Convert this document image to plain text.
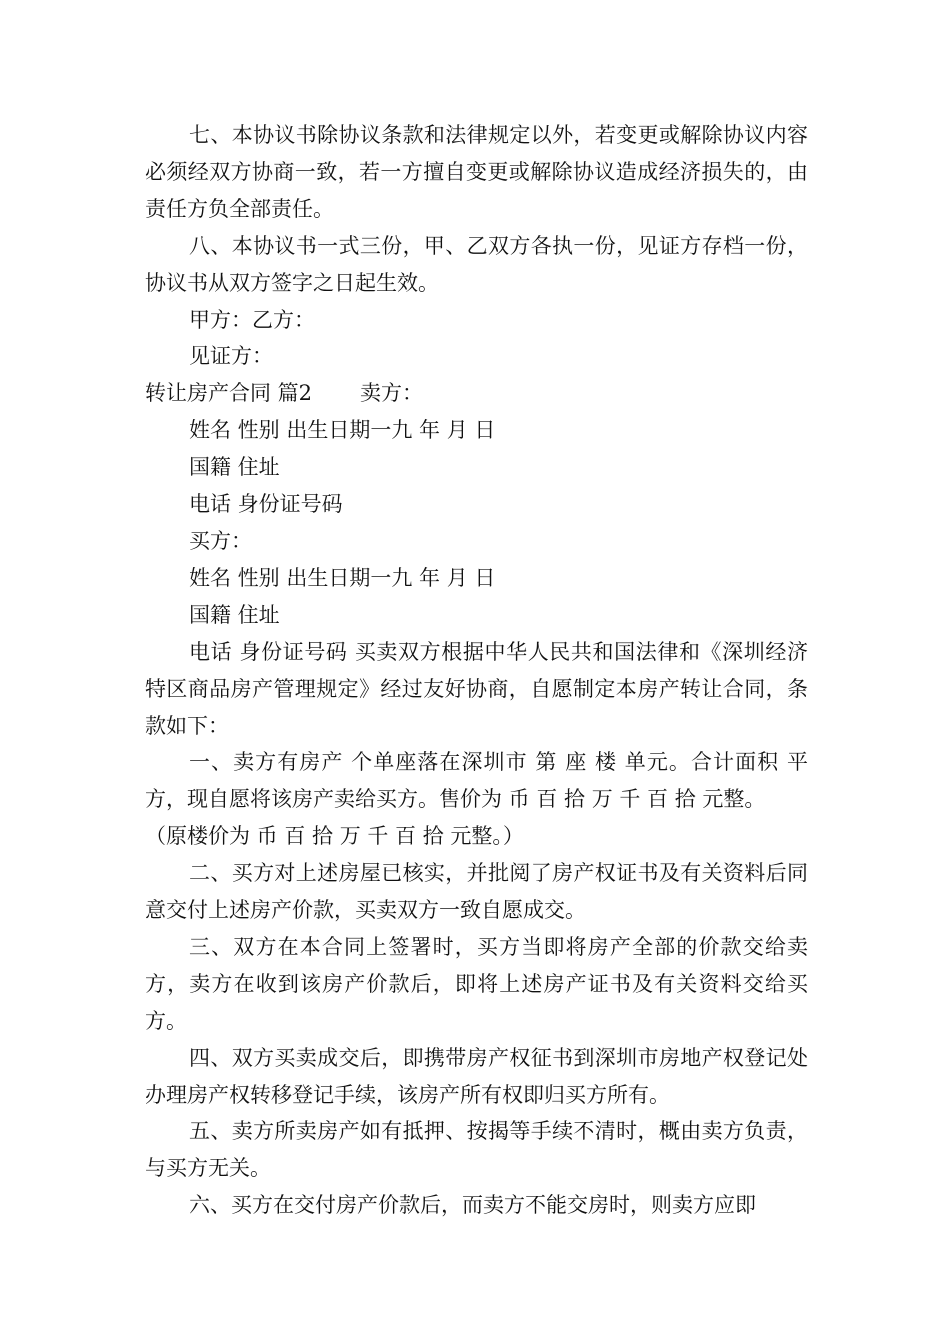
七、本协议书除协议条款和法律规定以外，若变更或解除协议内容必须经双方协商一致，若一方擅自变更或解除协议造成经济损失的，由责任方负全部责任。

八、本协议书一式三份，甲、乙双方各执一份，见证方存档一份，协议书从双方签字之日起生效。

甲方：乙方：

见证方：

转让房产合同 篇2 卖方：

姓名 性别 出生日期一九 年 月 日

国籍 住址

电话 身份证号码

买方：

姓名 性别 出生日期一九 年 月 日

国籍 住址

电话 身份证号码 买卖双方根据中华人民共和国法律和《深圳经济特区商品房产管理规定》经过友好协商，自愿制定本房产转让合同，条款如下：

一、卖方有房产 个单座落在深圳市 第 座 楼 单元。合计面积 平方，现自愿将该房产卖给买方。售价为 币 百 拾 万 千 百 拾 元整。

（原楼价为 币 百 拾 万 千 百 拾 元整。）

二、买方对上述房屋已核实，并批阅了房产权证书及有关资料后同意交付上述房产价款，买卖双方一致自愿成交。

三、双方在本合同上签署时，买方当即将房产全部的价款交给卖方，卖方在收到该房产价款后，即将上述房产证书及有关资料交给买方。

四、双方买卖成交后，即携带房产权征书到深圳市房地产权登记处办理房产权转移登记手续，该房产所有权即归买方所有。

五、卖方所卖房产如有抵押、按揭等手续不清时，概由卖方负责，与买方无关。

六、买方在交付房产价款后，而卖方不能交房时，则卖方应即
